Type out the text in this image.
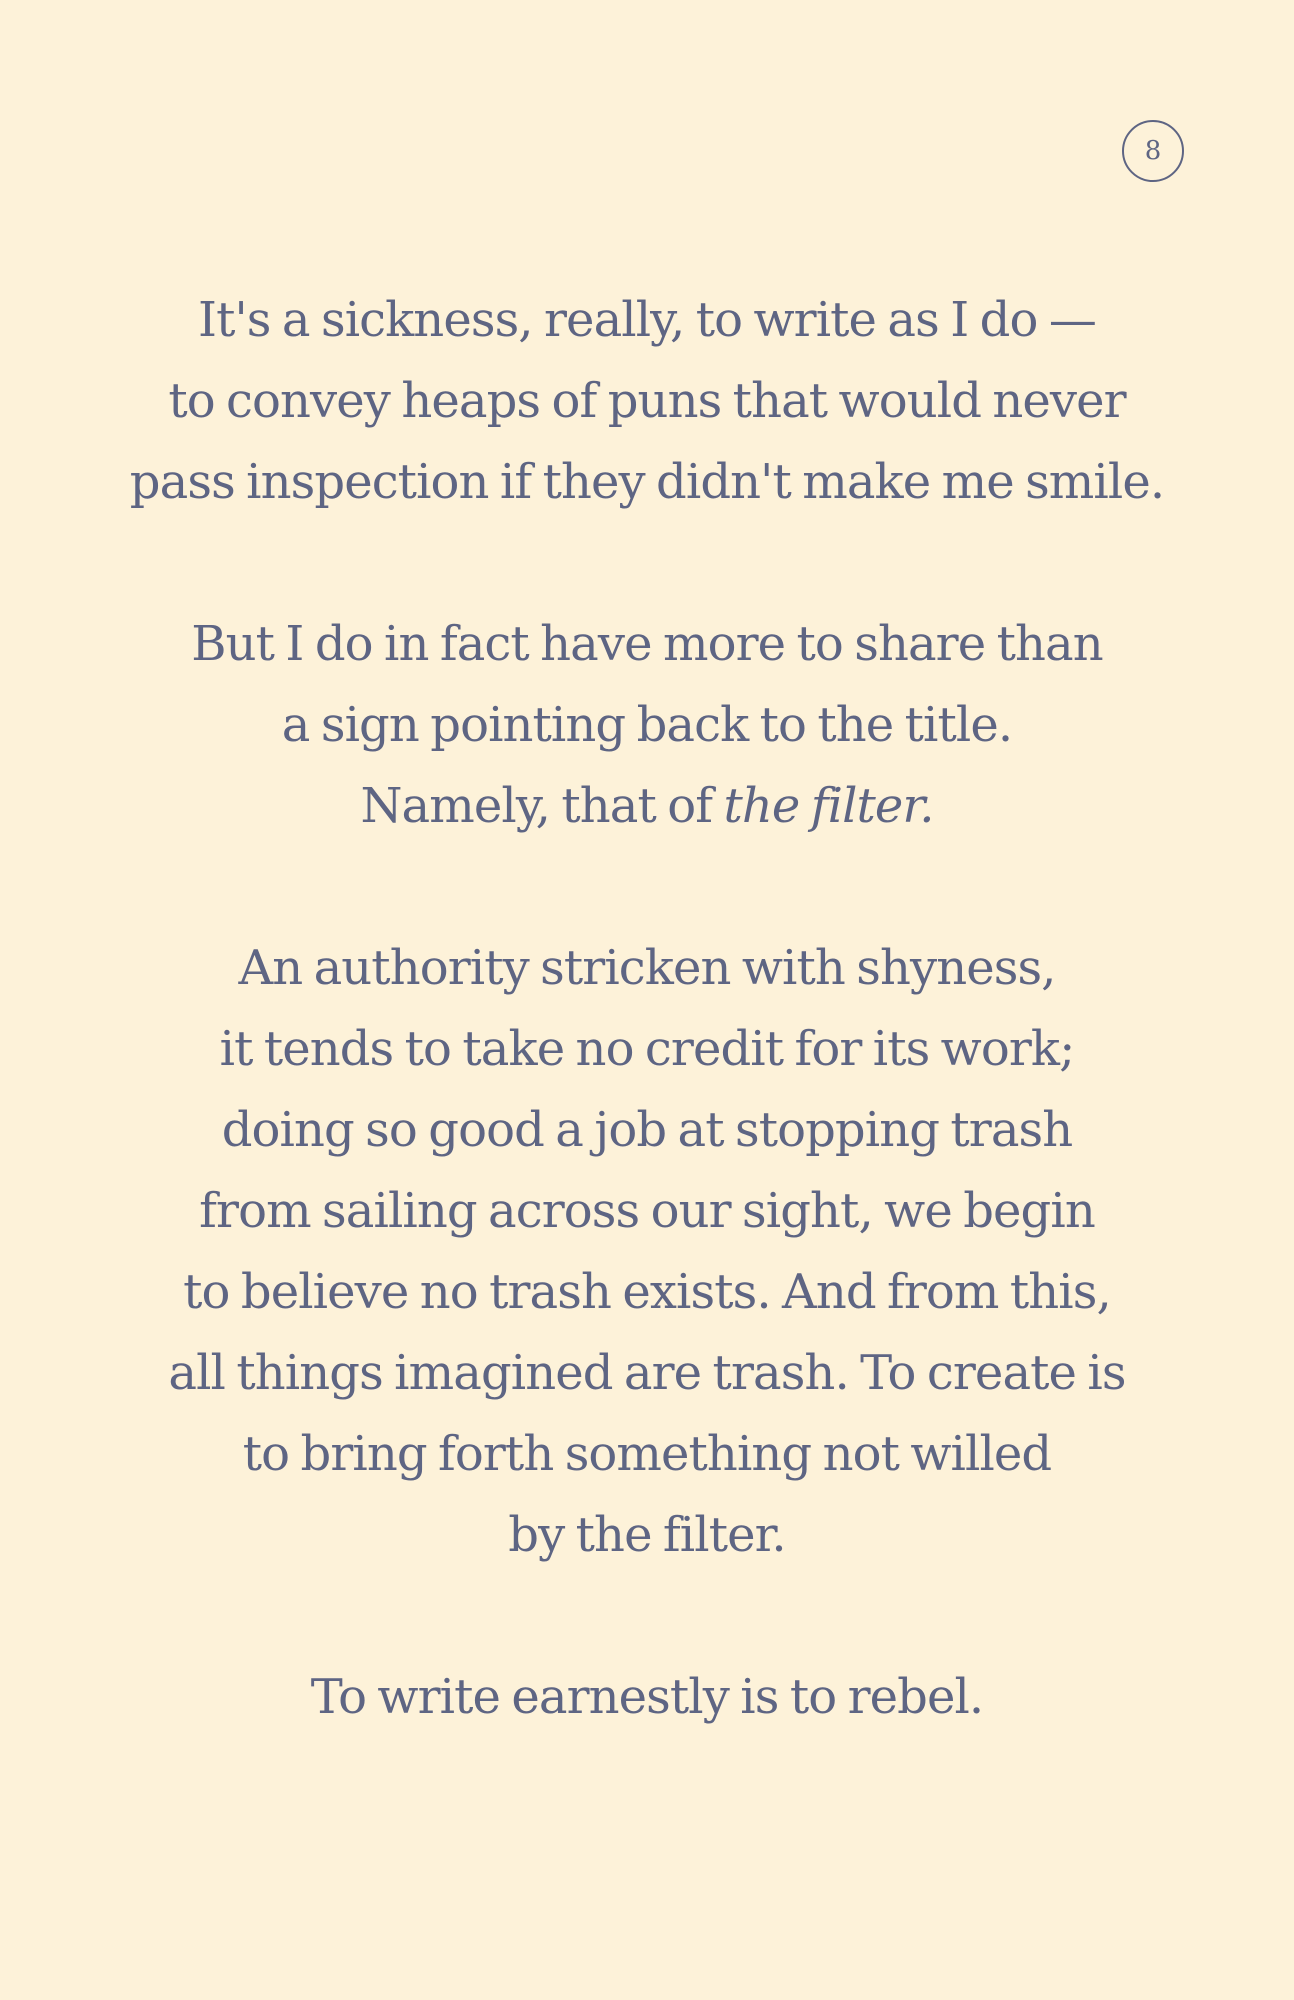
8
It's a sickness, really, to write as I do —
to convey heaps of puns that would never
pass inspection if they didn't make me smile.
But I do in fact have more to share than
a sign pointing back to the title.
Namely, that of the filter.
An authority stricken with shyness,
it tends to take no credit for its work;
doing so good a job at stopping trash
from sailing across our sight, we begin
to believe no trash exists. And from this,
all things imagined are trash. To create is
to bring forth something not willed
by the filter.
To write earnestly is to rebel.
